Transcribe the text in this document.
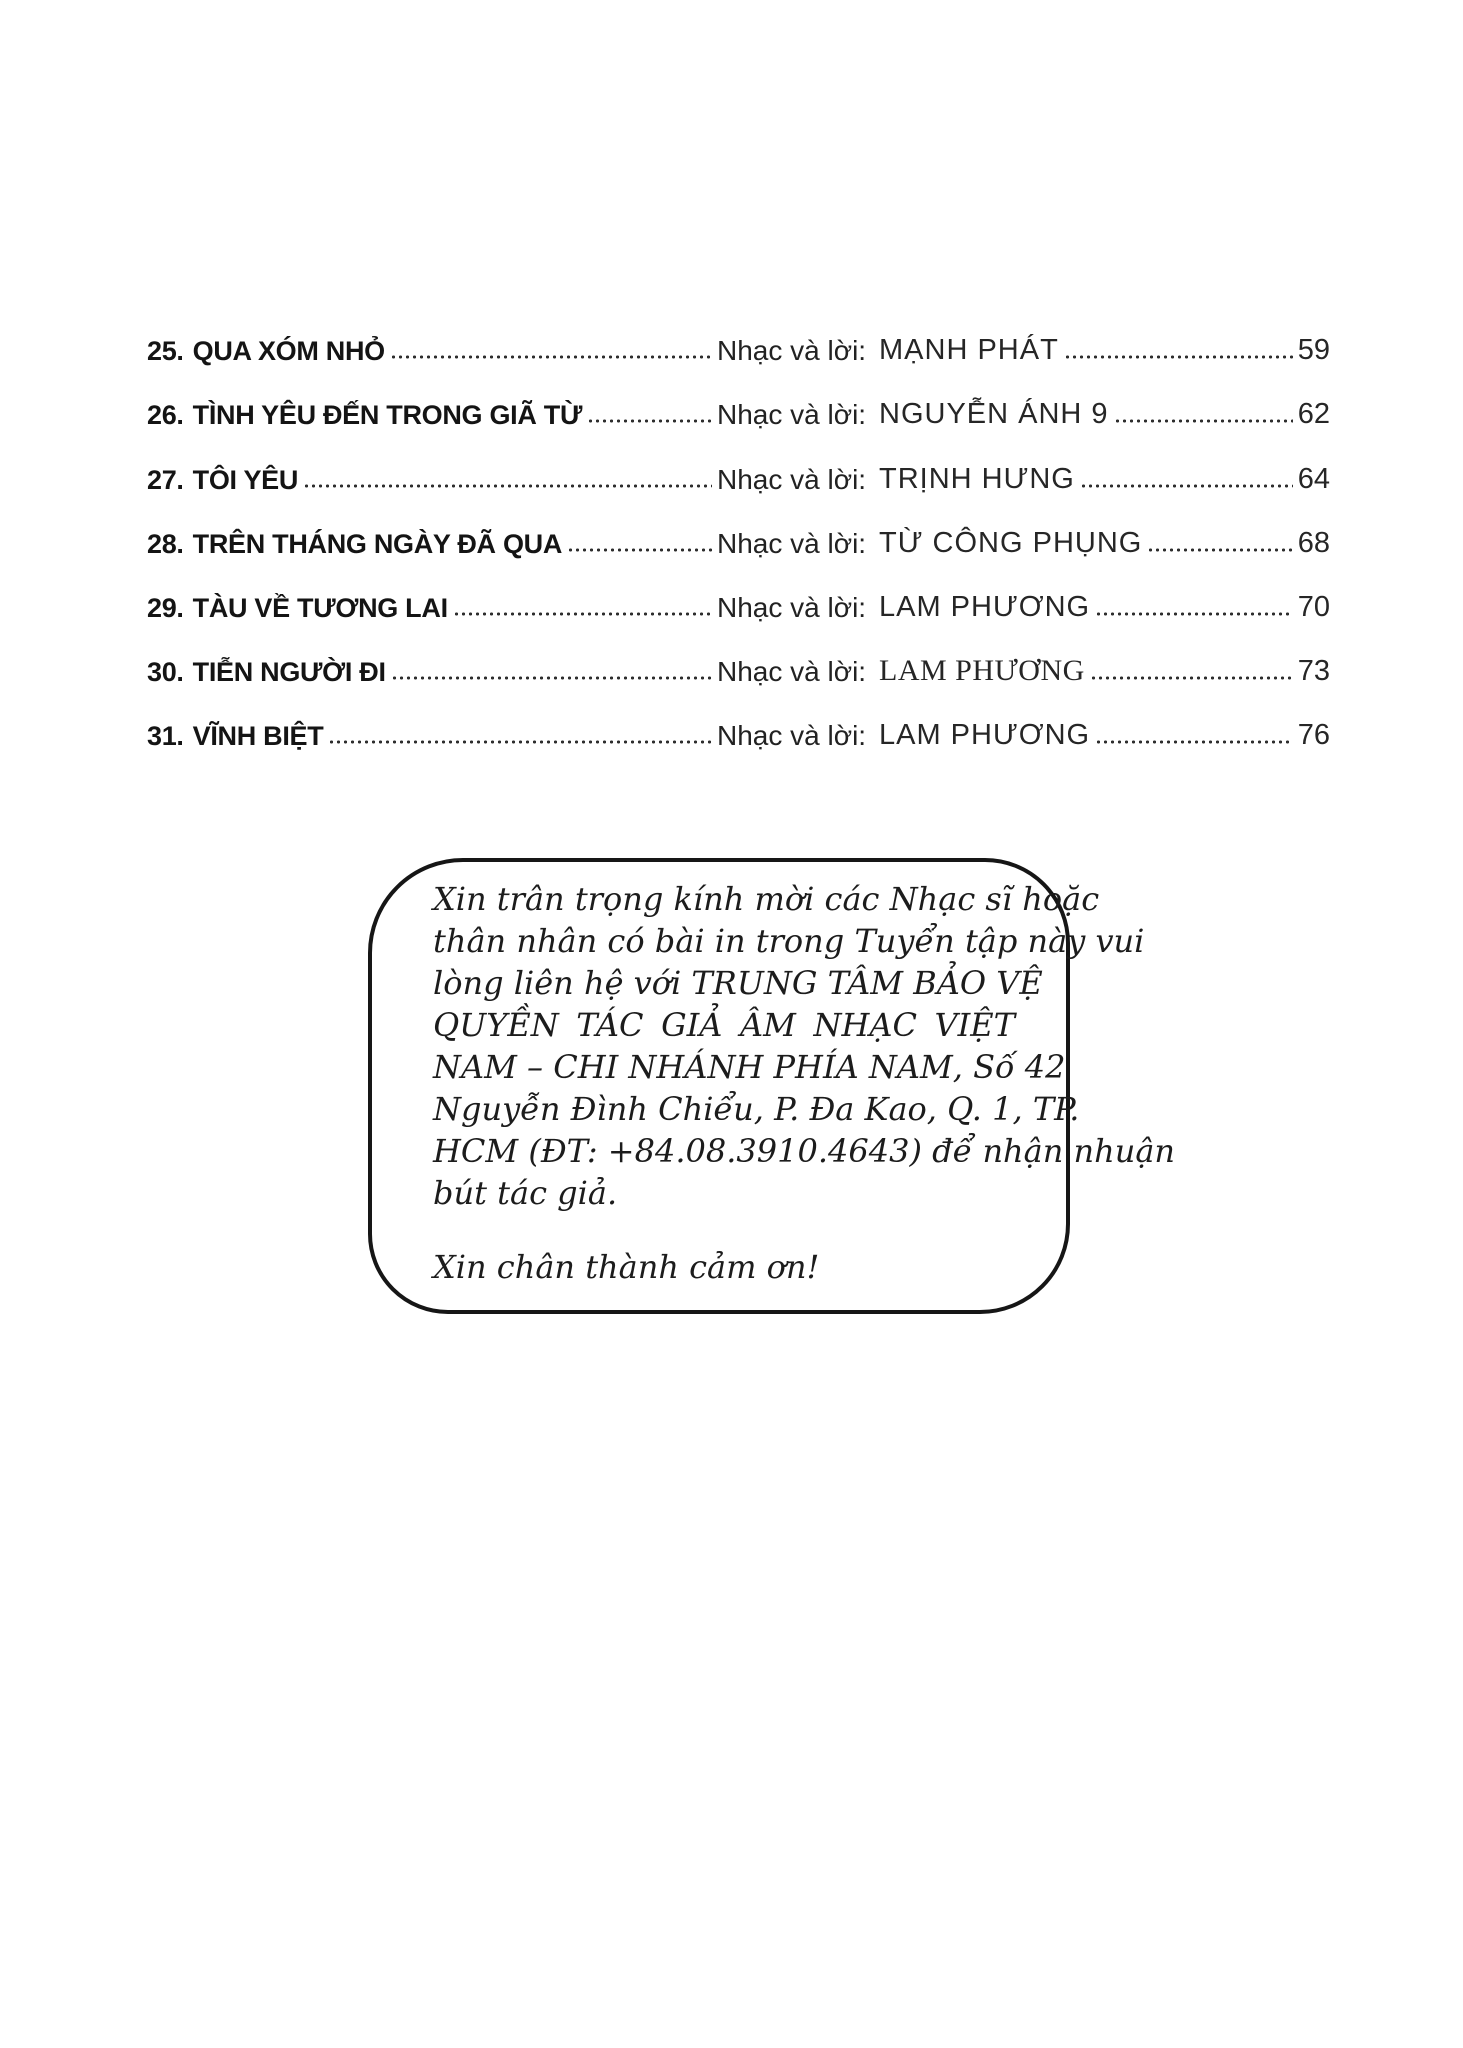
25. QUA XÓM NHỎ	Nhạc và lời: MẠNH PHÁT	59
26. TÌNH YÊU ĐẾN TRONG GIÃ TỪ	Nhạc và lời: NGUYỄN ÁNH 9	62
27. TÔI YÊU	Nhạc và lời: TRỊNH HƯNG	64
28. TRÊN THÁNG NGÀY ĐÃ QUA	Nhạc và lời: TỪ CÔNG PHỤNG	68
29. TÀU VỀ TƯƠNG LAI	Nhạc và lời: LAM PHƯƠNG	70
30. TIỄN NGƯỜI ĐI	Nhạc và lời: LAM PHƯƠNG	73
31. VĨNH BIỆT	Nhạc và lời: LAM PHƯƠNG	76
Xin trân trọng kính mời các Nhạc sĩ hoặc
thân nhân có bài in trong Tuyển tập này vui
lòng liên hệ với TRUNG TÂM BẢO VỆ
QUYỀN TÁC GIẢ ÂM NHẠC VIỆT
NAM – CHI NHÁNH PHÍA NAM, Số 42
Nguyễn Đình Chiểu, P. Đa Kao, Q. 1, TP.
HCM (ĐT: +84.08.3910.4643) để nhận nhuận
bút tác giả.
Xin chân thành cảm ơn!
